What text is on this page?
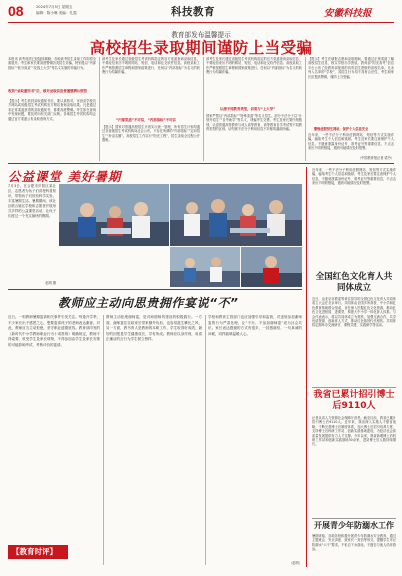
08	2024年7月5日 星期五
编辑：陈小琳 美编：孔霞	科技教育	安徽科技报
教育部发布温馨提示
高校招生录取期间谨防上当受骗
本报讯 高考成绩已经陆续揭晓，各地高考招生录取工作即将全面展开。考生和家长要高度警惕各类招生诈骗，特别是以“内部指标”“低分高录”“花钱上大学”等名义实施的诈骗行为。
收到“录取通知书”后，核对录取信息要谨慎辨认假冒
【提示】考生收到录取通知书后，要认真核对，可登录学校官方网站或省级招生考试机构官方网站查询录取结果。凡是通过非正常渠道获得的录取通知书，都要高度警惕。考生如在查询中发现问题，要及时向有关部门反映。各地招生考试机构均会通过官方渠道公布录取查询方式。
请考生及家长通过省级招生考试机构指定的官方渠道查询录取信息，不要轻信来历不明的网站、短信、电话和社交软件信息。高校录取工作严格按照招生章程和国家政策进行，任何以“内部指标”为名义的收费行为均属诈骗。
“内部渠道”不可信，“内部指标”不可信
【提示】国家对普通高校招生计划实行统一管理，所有招生计划均通过各省级招生考试机构向社会公布，不存在所谓的“内部指标”“定向招生”“补录名额”。高校招生工作实行“阳光工程”，招生录取全过程公开透明。
请考生及家长通过省级招生考试机构指定的官方渠道查询录取信息，不要轻信来历不明的网站、短信、电话和社交软件信息。高校录取工作严格按照招生章程和国家政策进行，任何以“内部指标”为名义的收费行为均属诈骗。
认清不同教育类型，切莫与“上大学”
国家严禁以“内部指标”“特殊渠道”等名义招生。部分不法分子以“计划外招生”“自考助学”等名义，诱骗考生交费。考生及家长要仔细甄别，认清普通高等教育与成人高等教育、高等教育自学考试等不同教育类型的区别，切勿被不法分子利用信息不对称的漏洞所骗。
【提示】考生在填报志愿和录取期间，要通过正规渠道了解高校招生信息，核实学校办学资质。教育部“阳光高考”信息平台公布了经教育部批准的具有招生资格的高校名单。凡未列入名单的“学校”，其招生行为均不具有合法性，考生和家长应提高警惕，谨防上当受骗。
警惕虚假招生网站，保护个人信息安全
近年来，一些不法分子利用虚假网站、短信等方式实施诈骗，骗取考生个人信息和钱财。考生及家长要注意保护个人信息，不随意泄露身份证号、准考证号等重要信息，不点击来历不明的链接，遇到可疑情况及时报警。
（中国教育报记者 梁丹）
公益课堂 美好暑期
7月3日，在合肥市庐阳区某社区，志愿者为孩子们讲授科普知识，带领孩子们体验科学实验，丰富暑期生活。暑期期间，该社区联合辖区学校和志愿者开展形式多样的公益课堂活动，让孩子们度过一个充实愉快的假期。
赵明 摄
教师应主动向思贵拥作宴说“不”
近日，一则教师暑期宴请相关事件引发关注。每逢升学季，不少家长出于感恩之心，想要宴请孩子的老师表达谢意。对此，教师应当主动拒绝，坚守职业道德底线。教育部印发的《新时代中小学教师职业行为十项准则》明确规定，教师不得索要、收受学生及家长财物，不得参加由学生及家长安排的可能影响考试、考核评价的宴请。
教师主动拒绝谢师宴，是对师德师风建设的积极践行。一方面，谢师宴往往给家长带来额外负担，也容易滋生攀比之风；另一方面，教书育人是教师的本职工作，学生取得好成绩，最好的回报是学生健康成长、学有所成。教师应以身作则，用清正廉洁的言行为学生树立榜样。
学校和教育主管部门也应加强引导和监督，对违规参加谢师宴的行为严肃处理，让“不办、不参加谢师宴”成为社会共识。家长表达感谢的方式有很多，一封感谢信、一句真诚的问候，同样能够温暖人心。
（赵明）
【教育时评】
全国红色文化育人共同体成立
近日，由北京市教委等单位指导的全国红色文化育人共同体成立大会在北京举行。共同体由全国多所高校、中小学和红色教育基地联合组成，旨在深入挖掘红色文化资源，推动红色文化进校园、进课堂，构建大中小学一体化育人体系。与会代表表示，将以共同体成立为契机，加强交流合作，共享优质资源，创新育人方式，推动红色基因代代相传。共同体将定期举办交流研讨、课程共建、实践研学等活动。
我省已累计招引博士后9110人
记者从省人力资源社会保障厅获悉，截至目前，我省已累计招引博士后9110人。近年来，我省深入实施人才强省战略，不断完善博士后制度体系，加大博士后招引培养力度，支持博士后科研工作站、创新实践基地建设，为经济社会高质量发展提供有力人才支撑。今年以来，我省新增博士后科研工作站和创新实践基地30余家，进站博士后人数持续增长。
开展青少年防溺水工作
暑期来临，各地各校积极开展青少年防溺水安全教育，通过主题班会、安全讲座、致家长一封信等形式，提醒学生牢记防溺水“六不”要求，不私自下水游泳，不擅自与他人结伴游泳。
近年来，一些不法分子利用虚假网站、短信等方式实施诈骗，骗取考生个人信息和钱财。考生及家长要注意保护个人信息，不随意泄露身份证号、准考证号等重要信息，不点击来历不明的链接，遇到可疑情况及时报警。
